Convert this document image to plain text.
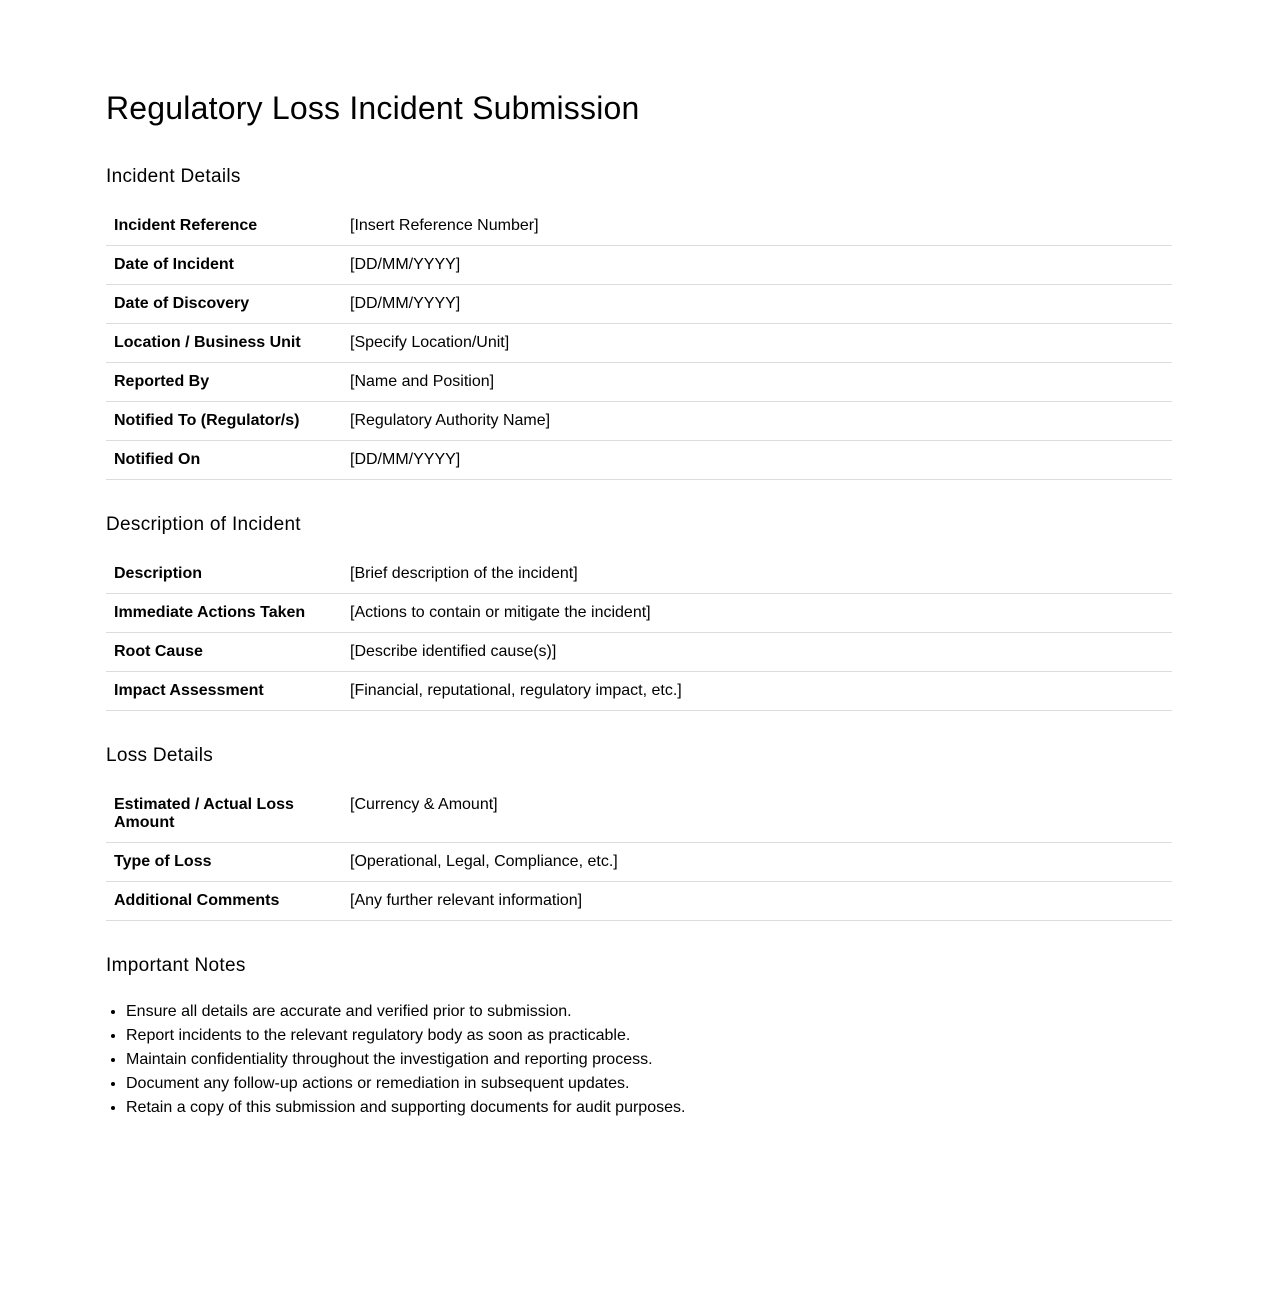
Regulatory Loss Incident Submission
Incident Details
Incident Reference	[Insert Reference Number]
Date of Incident	[DD/MM/YYYY]
Date of Discovery	[DD/MM/YYYY]
Location / Business Unit	[Specify Location/Unit]
Reported By	[Name and Position]
Notified To (Regulator/s)	[Regulatory Authority Name]
Notified On	[DD/MM/YYYY]
Description of Incident
Description	[Brief description of the incident]
Immediate Actions Taken	[Actions to contain or mitigate the incident]
Root Cause	[Describe identified cause(s)]
Impact Assessment	[Financial, reputational, regulatory impact, etc.]
Loss Details
Estimated / Actual Loss Amount	[Currency & Amount]
Type of Loss	[Operational, Legal, Compliance, etc.]
Additional Comments	[Any further relevant information]
Important Notes
• Ensure all details are accurate and verified prior to submission.
• Report incidents to the relevant regulatory body as soon as practicable.
• Maintain confidentiality throughout the investigation and reporting process.
• Document any follow-up actions or remediation in subsequent updates.
• Retain a copy of this submission and supporting documents for audit purposes.
